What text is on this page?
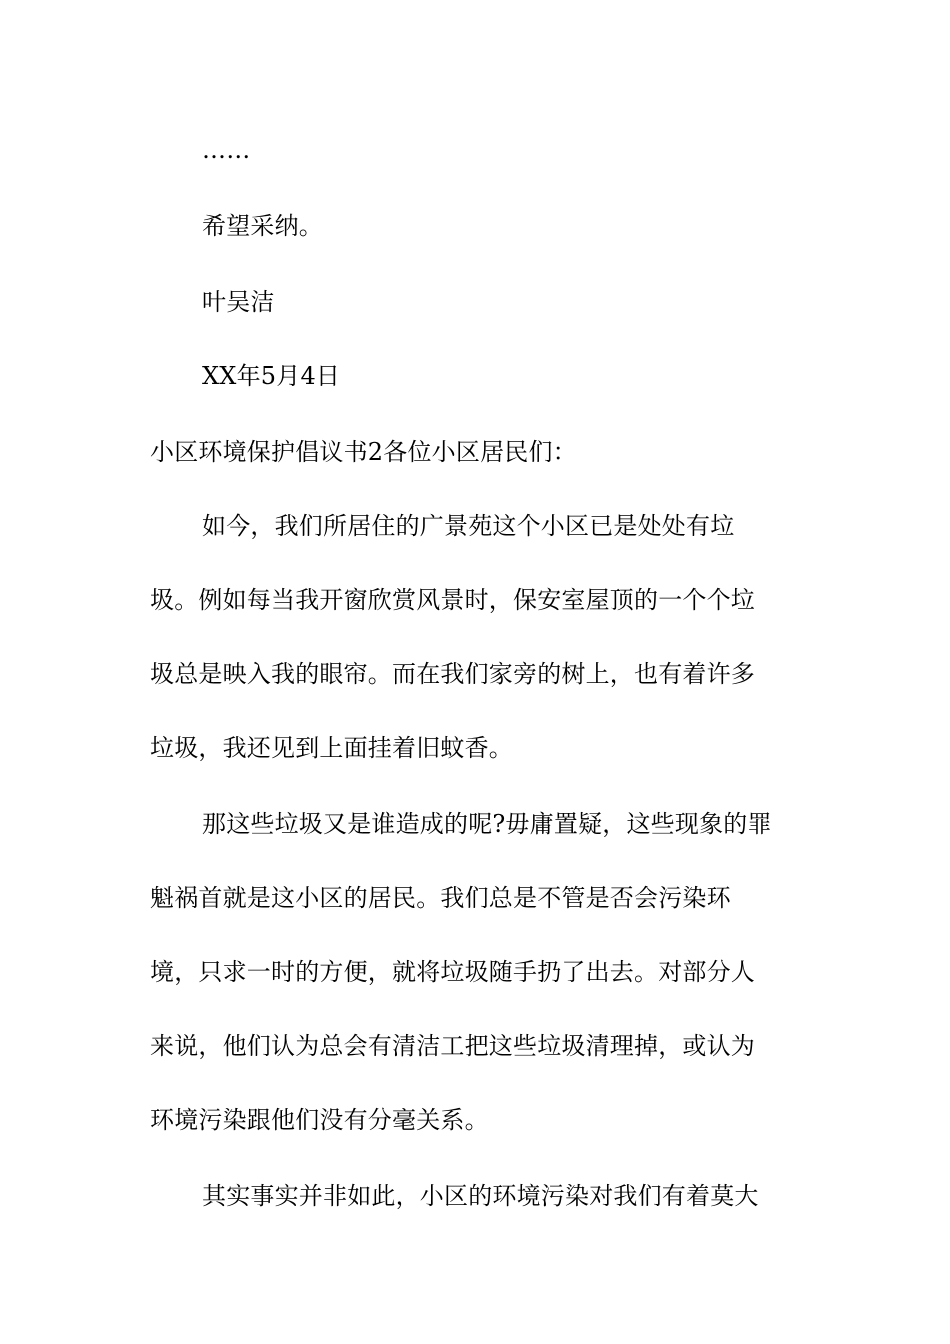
……
希望采纳。
叶吴洁
XX年5月4日
小区环境保护倡议书2各位小区居民们：
如今，我们所居住的广景苑这个小区已是处处有垃
圾。例如每当我开窗欣赏风景时，保安室屋顶的一个个垃
圾总是映入我的眼帘。而在我们家旁的树上，也有着许多
垃圾，我还见到上面挂着旧蚊香。
那这些垃圾又是谁造成的呢?毋庸置疑，这些现象的罪
魁祸首就是这小区的居民。我们总是不管是否会污染环
境，只求一时的方便，就将垃圾随手扔了出去。对部分人
来说，他们认为总会有清洁工把这些垃圾清理掉，或认为
环境污染跟他们没有分毫关系。
其实事实并非如此，小区的环境污染对我们有着莫大
